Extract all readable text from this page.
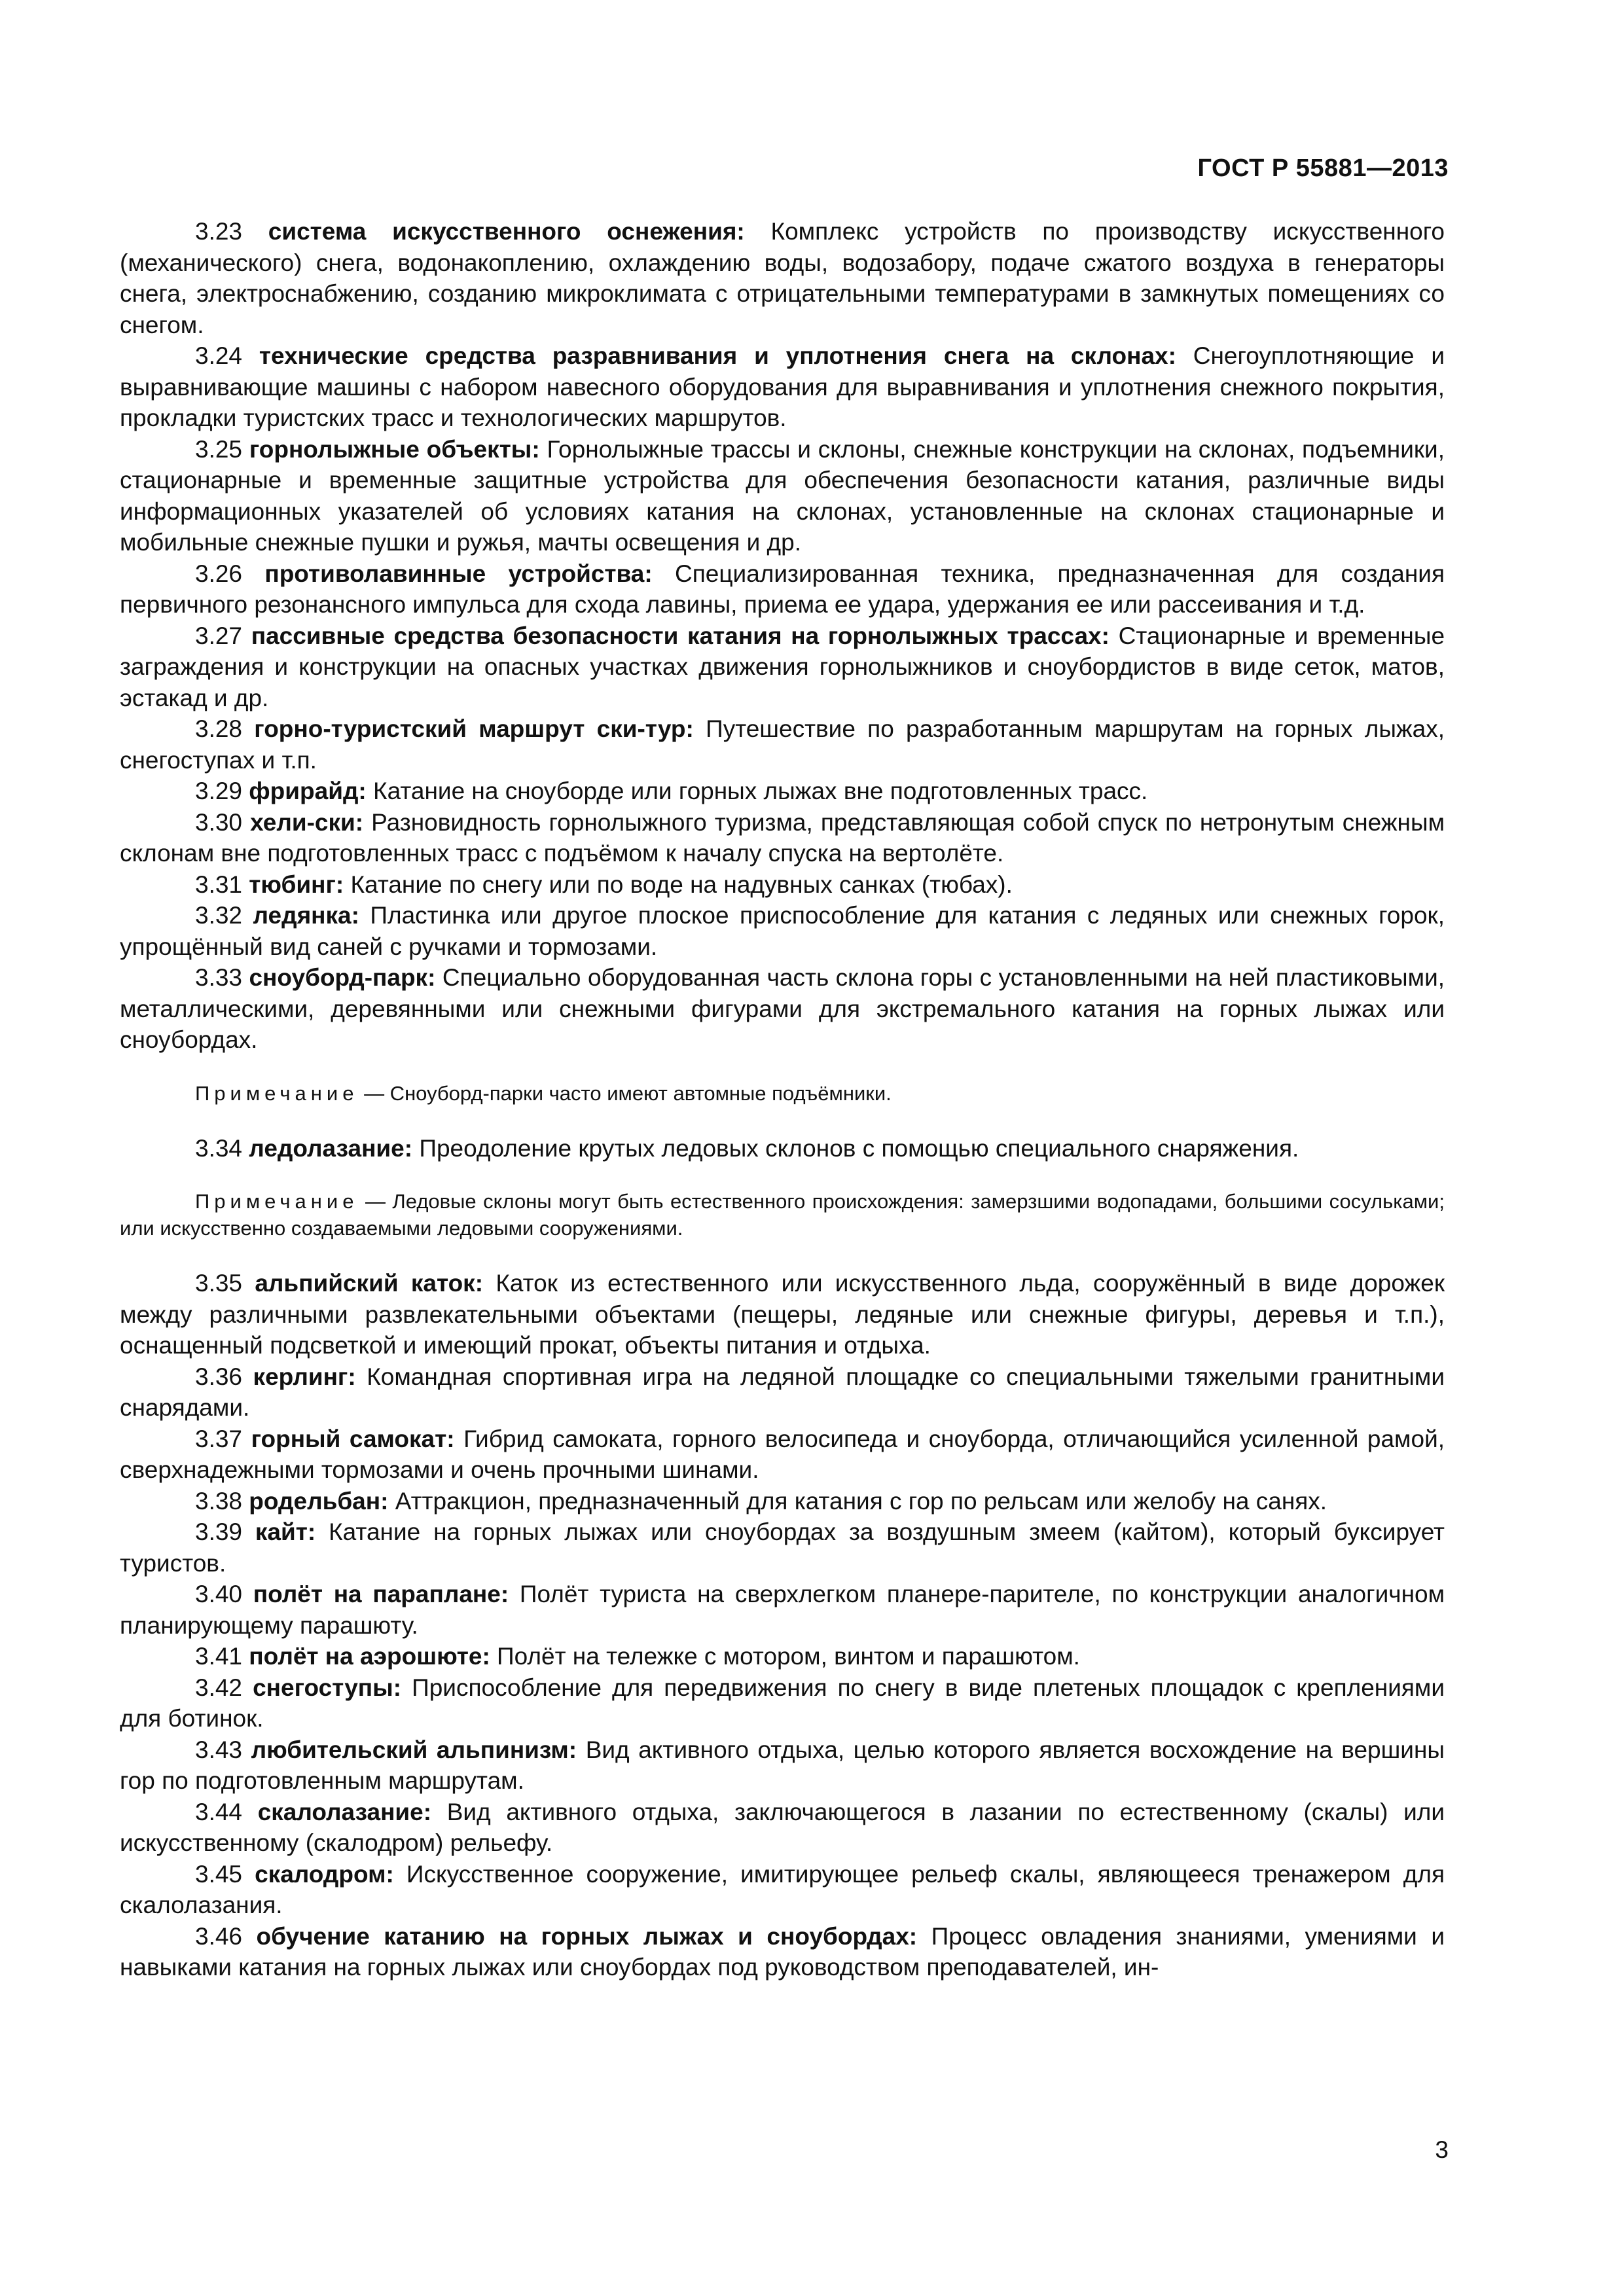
ГОСТ Р 55881—2013

3.23 система искусственного оснежения: Комплекс устройств по производству искусственного (механического) снега, водонакоплению, охлаждению воды, водозабору, подаче сжатого воздуха в генераторы снега, электроснабжению, созданию микроклимата с отрицательными температурами в замкнутых помещениях со снегом.

3.24 технические средства разравнивания и уплотнения снега на склонах: Снегоуплотняющие и выравнивающие машины с набором навесного оборудования для выравнивания и уплотнения снежного покрытия, прокладки туристских трасс и технологических маршрутов.

3.25 горнолыжные объекты: Горнолыжные трассы и склоны, снежные конструкции на склонах, подъемники, стационарные и временные защитные устройства для обеспечения безопасности катания, различные виды информационных указателей об условиях катания на склонах, установленные на склонах стационарные и мобильные снежные пушки и ружья, мачты освещения и др.

3.26 противолавинные устройства: Специализированная техника, предназначенная для создания первичного резонансного импульса для схода лавины, приема ее удара, удержания ее или рассеивания и т.д.

3.27 пассивные средства безопасности катания на горнолыжных трассах: Стационарные и временные заграждения и конструкции на опасных участках движения горнолыжников и сноубордистов в виде сеток, матов, эстакад и др.

3.28 горно-туристский маршрут ски-тур: Путешествие по разработанным маршрутам на горных лыжах, снегоступах и т.п.

3.29 фрирайд: Катание на сноуборде или горных лыжах вне подготовленных трасс.

3.30 хели-ски: Разновидность горнолыжного туризма, представляющая собой спуск по нетронутым снежным склонам вне подготовленных трасс с подъёмом к началу спуска на вертолёте.

3.31 тюбинг: Катание по снегу или по воде на надувных санках (тюбах).

3.32 ледянка: Пластинка или другое плоское приспособление для катания с ледяных или снежных горок, упрощённый вид саней с ручками и тормозами.

3.33 сноуборд-парк: Специально оборудованная часть склона горы с установленными на ней пластиковыми, металлическими, деревянными или снежными фигурами для экстремального катания на горных лыжах или сноубордах.

Примечание — Сноуборд-парки часто имеют автомные подъёмники.

3.34 ледолазание: Преодоление крутых ледовых склонов с помощью специального снаряжения.

Примечание — Ледовые склоны могут быть естественного происхождения: замерзшими водопадами, большими сосульками; или искусственно создаваемыми ледовыми сооружениями.

3.35 альпийский каток: Каток из естественного или искусственного льда, сооружённый в виде дорожек между различными развлекательными объектами (пещеры, ледяные или снежные фигуры, деревья и т.п.), оснащенный подсветкой и имеющий прокат, объекты питания и отдыха.

3.36 керлинг: Командная спортивная игра на ледяной площадке со специальными тяжелыми гранитными снарядами.

3.37 горный самокат: Гибрид самоката, горного велосипеда и сноуборда, отличающийся усиленной рамой, сверхнадежными тормозами и очень прочными шинами.

3.38 родельбан: Аттракцион, предназначенный для катания с гор по рельсам или желобу на санях.

3.39 кайт: Катание на горных лыжах или сноубордах за воздушным змеем (кайтом), который буксирует туристов.

3.40 полёт на параплане: Полёт туриста на сверхлегком планере-парителе, по конструкции аналогичном планирующему парашюту.

3.41 полёт на аэрошюте: Полёт на тележке с мотором, винтом и парашютом.

3.42 снегоступы: Приспособление для передвижения по снегу в виде плетеных площадок с креплениями для ботинок.

3.43 любительский альпинизм: Вид активного отдыха, целью которого является восхождение на вершины гор по подготовленным маршрутам.

3.44 скалолазание: Вид активного отдыха, заключающегося в лазании по естественному (скалы) или искусственному (скалодром) рельефу.

3.45 скалодром: Искусственное сооружение, имитирующее рельеф скалы, являющееся тренажером для скалолазания.

3.46 обучение катанию на горных лыжах и сноубордах: Процесс овладения знаниями, умениями и навыками катания на горных лыжах или сноубордах под руководством преподавателей, ин-

3
